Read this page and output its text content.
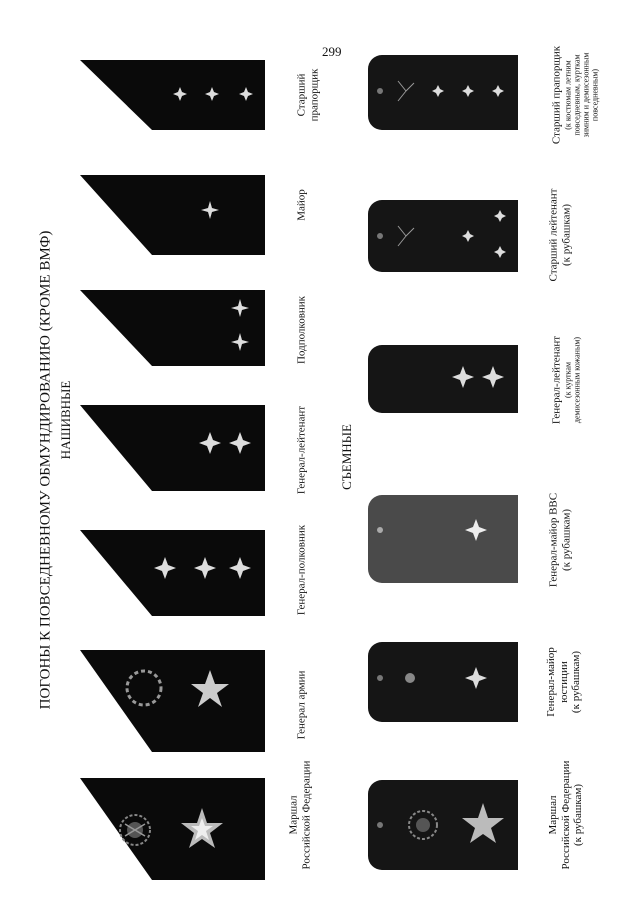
299
ПОГОНЫ К ПОВСЕДНЕВНОМУ ОБМУНДИРОВАНИЮ (КРОМЕ ВМФ) НАШИВНЫЕ	СЪЕМНЫЕ
Маршал Российской Федерации
Генерал армии
Генерал-полковник
Генерал-лейтенант
Подполковник
Майор
Старший прапорщик
Маршал Российской Федерации (к рубашкам)
Генерал-майор юстиции (к рубашкам)
Генерал-майор ВВС (к рубашкам)
Генерал-лейтенант (к курткам демисезонным кожаным)
Старший лейтенант (к рубашкам)
Старший прапорщик (к костюмам летним повседневным, курткам зимним и демисезонным повседневным)
